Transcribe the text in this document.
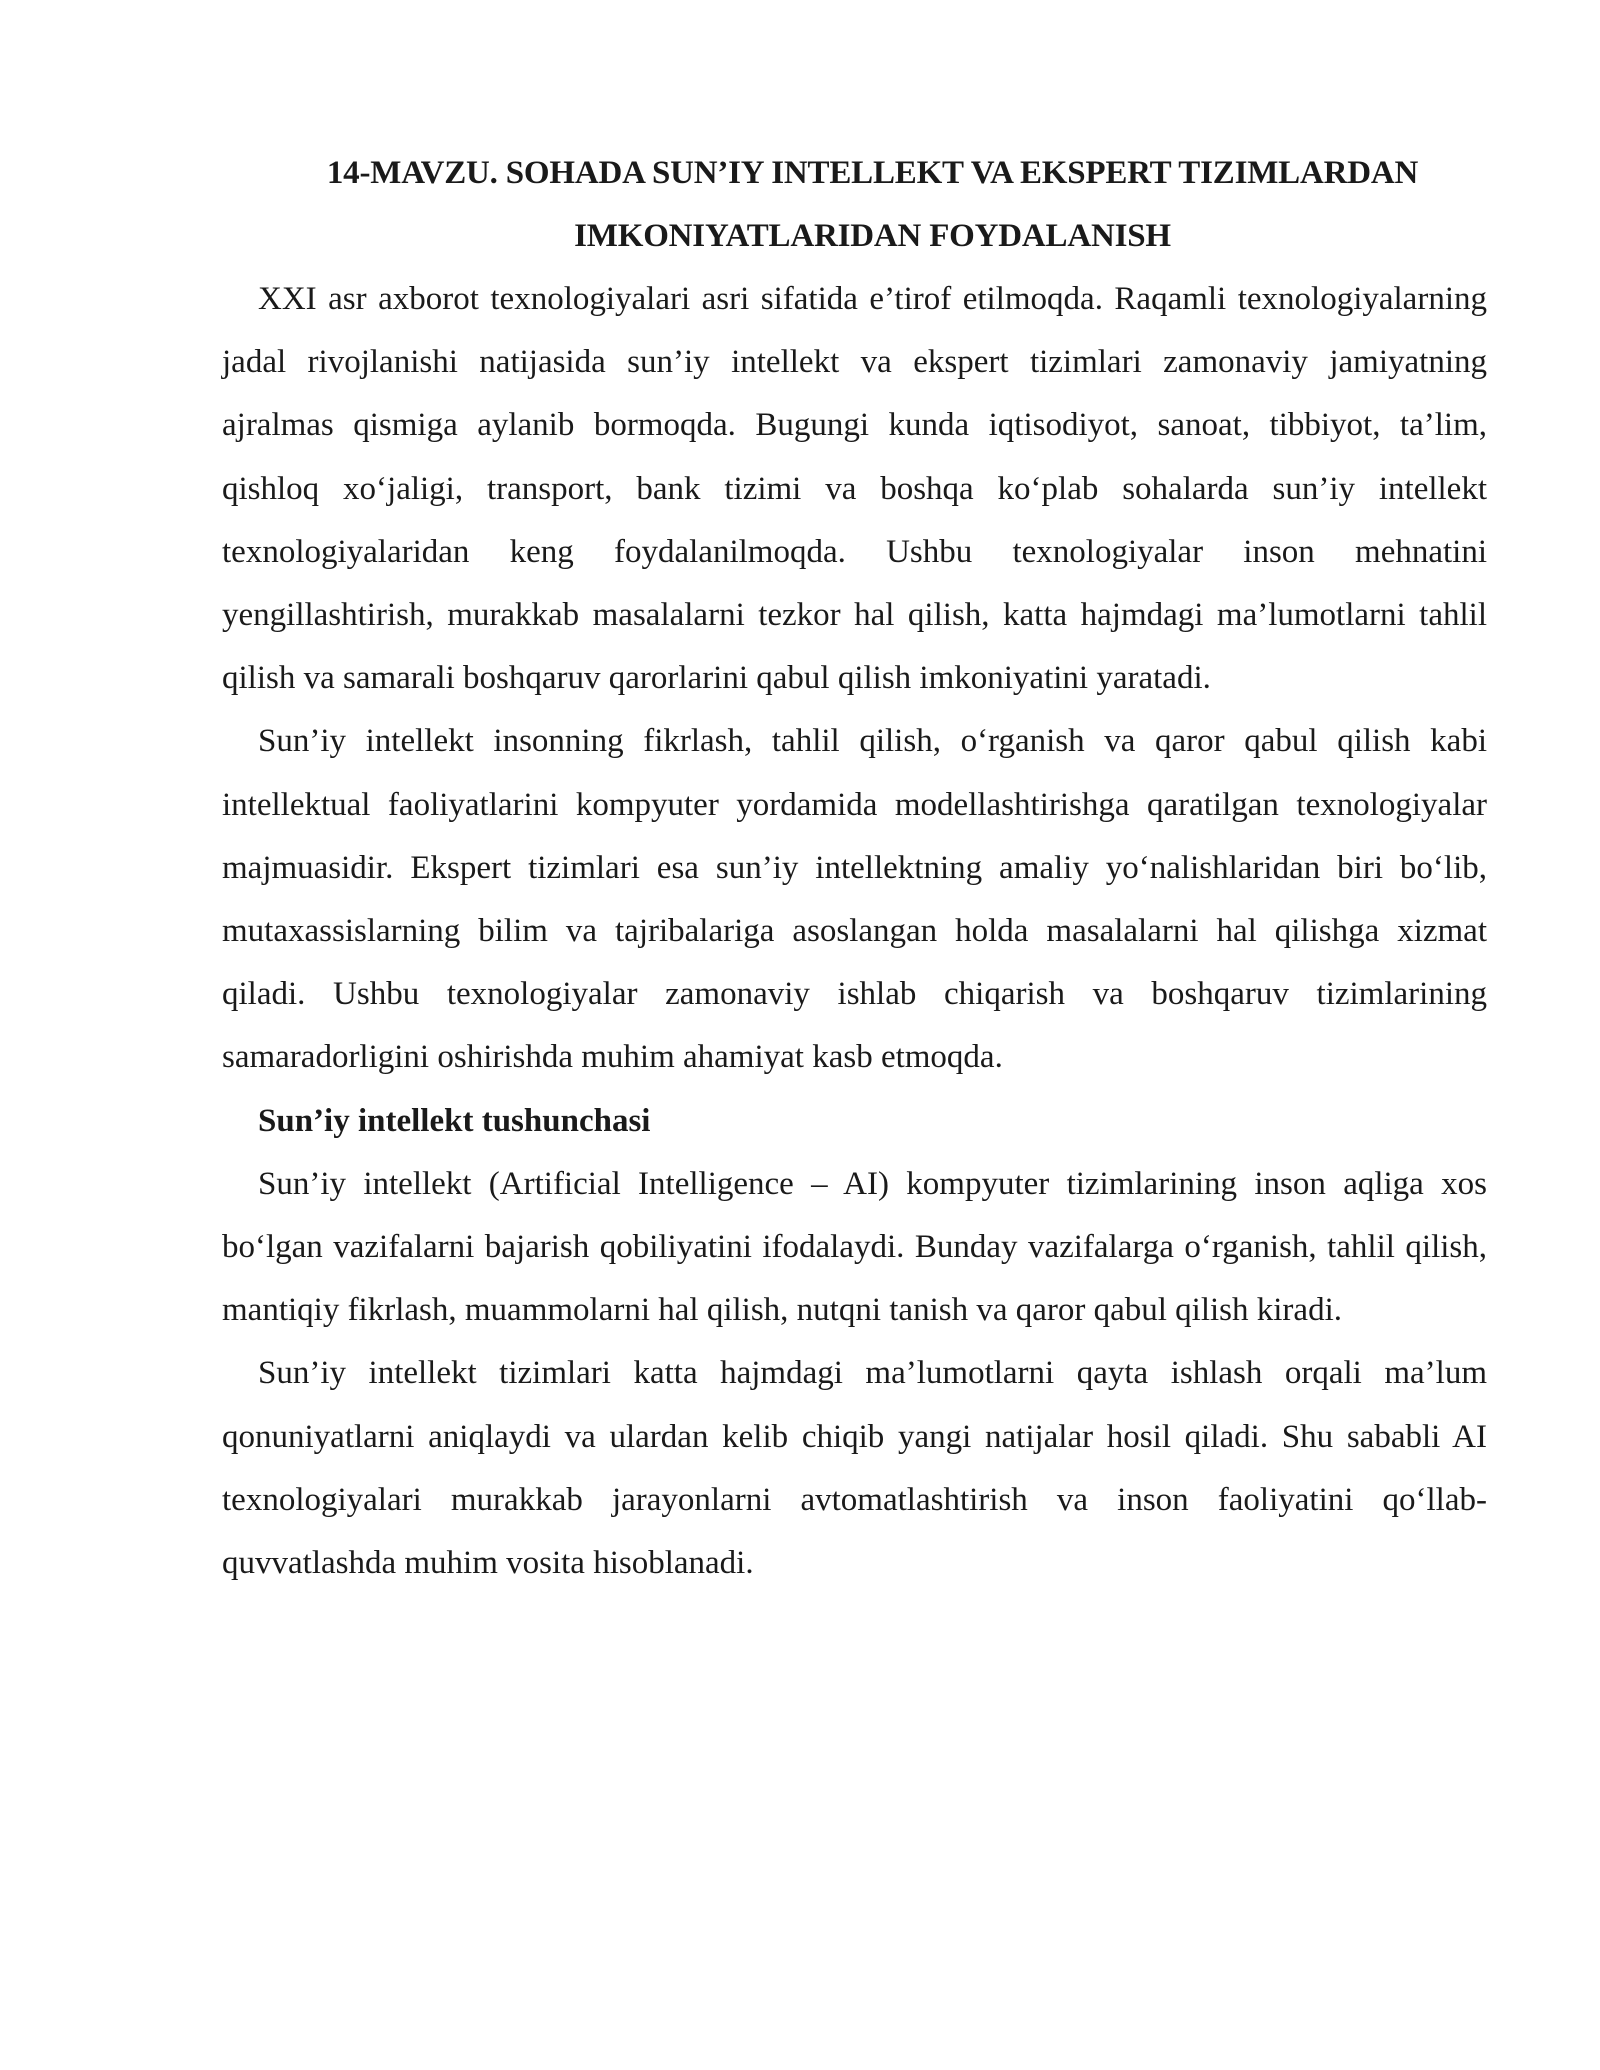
14-MAVZU. SOHADA SUN’IY INTELLEKT VA EKSPERT TIZIMLARDAN
IMKONIYATLARIDAN FOYDALANISH

XXI asr axborot texnologiyalari asri sifatida e’tirof etilmoqda. Raqamli texnologiyalarning jadal rivojlanishi natijasida sun’iy intellekt va ekspert tizimlari zamonaviy jamiyatning ajralmas qismiga aylanib bormoqda. Bugungi kunda iqtisodiyot, sanoat, tibbiyot, ta’lim, qishloq xo‘jaligi, transport, bank tizimi va boshqa ko‘plab sohalarda sun’iy intellekt texnologiyalaridan keng foydalanilmoqda. Ushbu texnologiyalar inson mehnatini yengillashtirish, murakkab masalalarni tezkor hal qilish, katta hajmdagi ma’lumotlarni tahlil qilish va samarali boshqaruv qarorlarini qabul qilish imkoniyatini yaratadi.

Sun’iy intellekt insonning fikrlash, tahlil qilish, o‘rganish va qaror qabul qilish kabi intellektual faoliyatlarini kompyuter yordamida modellashtirishga qaratilgan texnologiyalar majmuasidir. Ekspert tizimlari esa sun’iy intellektning amaliy yo‘nalishlaridan biri bo‘lib, mutaxassislarning bilim va tajribalariga asoslangan holda masalalarni hal qilishga xizmat qiladi. Ushbu texnologiyalar zamonaviy ishlab chiqarish va boshqaruv tizimlarining samaradorligini oshirishda muhim ahamiyat kasb etmoqda.

Sun’iy intellekt tushunchasi

Sun’iy intellekt (Artificial Intelligence – AI) kompyuter tizimlarining inson aqliga xos bo‘lgan vazifalarni bajarish qobiliyatini ifodalaydi. Bunday vazifalarga o‘rganish, tahlil qilish, mantiqiy fikrlash, muammolarni hal qilish, nutqni tanish va qaror qabul qilish kiradi.

Sun’iy intellekt tizimlari katta hajmdagi ma’lumotlarni qayta ishlash orqali ma’lum qonuniyatlarni aniqlaydi va ulardan kelib chiqib yangi natijalar hosil qiladi. Shu sababli AI texnologiyalari murakkab jarayonlarni avtomatlashtirish va inson faoliyatini qo‘llab-quvvatlashda muhim vosita hisoblanadi.
